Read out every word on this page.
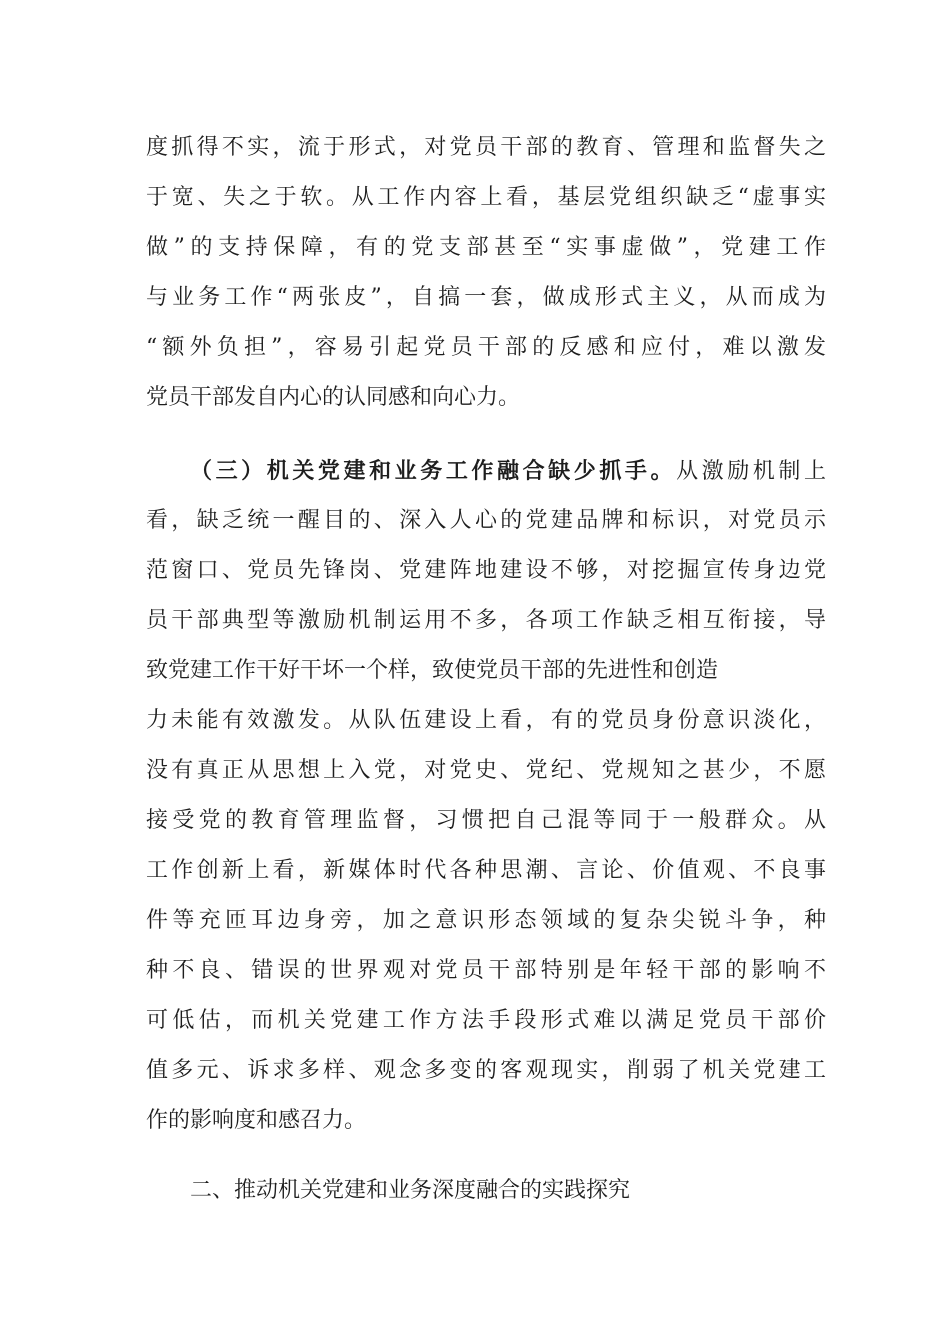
度抓得不实，流于形式，对党员干部的教育、管理和监督失之
于宽、失之于软。从工作内容上看，基层党组织缺乏“虚事实
做”的支持保障，有的党支部甚至“实事虚做”，党建工作
与业务工作“两张皮”，自搞一套，做成形式主义，从而成为
“额外负担”，容易引起党员干部的反感和应付，难以激发
党员干部发自内心的认同感和向心力。
（三）机关党建和业务工作融合缺少抓手。从激励机制上
看，缺乏统一醒目的、深入人心的党建品牌和标识，对党员示
范窗口、党员先锋岗、党建阵地建设不够，对挖掘宣传身边党
员干部典型等激励机制运用不多，各项工作缺乏相互衔接，导
致党建工作干好干坏一个样，致使党员干部的先进性和创造
力未能有效激发。从队伍建设上看，有的党员身份意识淡化，
没有真正从思想上入党，对党史、党纪、党规知之甚少，不愿
接受党的教育管理监督，习惯把自己混等同于一般群众。从
工作创新上看，新媒体时代各种思潮、言论、价值观、不良事
件等充匝耳边身旁，加之意识形态领域的复杂尖锐斗争，种
种不良、错误的世界观对党员干部特别是年轻干部的影响不
可低估，而机关党建工作方法手段形式难以满足党员干部价
值多元、诉求多样、观念多变的客观现实，削弱了机关党建工
作的影响度和感召力。
二、推动机关党建和业务深度融合的实践探究
